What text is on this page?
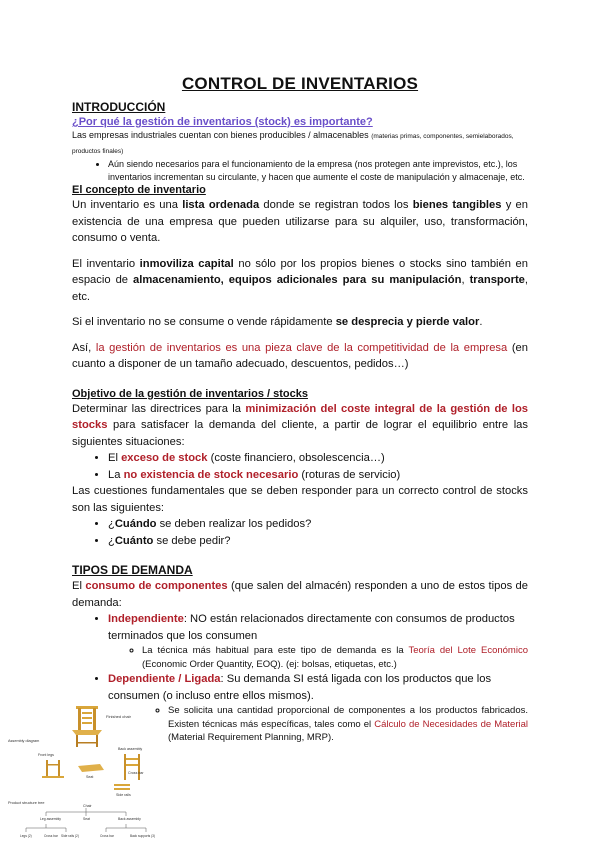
CONTROL DE INVENTARIOS

INTRODUCCIÓN

¿Por qué la gestión de inventarios (stock) es importante?

Las empresas industriales cuentan con bienes producibles / almacenables (materias primas, componentes, semielaborados, productos finales)

• Aún siendo necesarios para el funcionamiento de la empresa (nos protegen ante imprevistos, etc.), los inventarios incrementan su circulante, y hacen que aumente el coste de manipulación y almacenaje, etc.

El concepto de inventario

Un inventario es una lista ordenada donde se registran todos los bienes tangibles y en existencia de una empresa que pueden utilizarse para su alquiler, uso, transformación, consumo o venta.

El inventario inmoviliza capital no sólo por los propios bienes o stocks sino también en espacio de almacenamiento, equipos adicionales para su manipulación, transporte, etc.

Si el inventario no se consume o vende rápidamente se desprecia y pierde valor.

Así, la gestión de inventarios es una pieza clave de la competitividad de la empresa (en cuanto a disponer de un tamaño adecuado, descuentos, pedidos…)

Objetivo de la gestión de inventarios / stocks

Determinar las directrices para la minimización del coste integral de la gestión de los stocks para satisfacer la demanda del cliente, a partir de lograr el equilibrio entre las siguientes situaciones:

• El exceso de stock (coste financiero, obsolescencia…)
• La no existencia de stock necesario (roturas de servicio)

Las cuestiones fundamentales que se deben responder para un correcto control de stocks son las siguientes:

• ¿Cuándo se deben realizar los pedidos?
• ¿Cuánto se debe pedir?

TIPOS DE DEMANDA

El consumo de componentes (que salen del almacén) responden a uno de estos tipos de demanda:

• Independiente: NO están relacionados directamente con consumos de productos terminados que los consumen
◦ La técnica más habitual para este tipo de demanda es la Teoría del Lote Económico (Economic Order Quantity, EOQ). (ej: bolsas, etiquetas, etc.)
• Dependiente / Ligada: Su demanda SI está ligada con los productos que los consumen (o incluso entre ellos mismos).
◦ Se solicita una cantidad proporcional de componentes a los productos fabricados. Existen técnicas más específicas, tales como el Cálculo de Necesidades de Material (Material Requirement Planning, MRP).
Finished chair
Assembly diagram
Front legs
Back assembly
Cross bar
Seat
Side rails
Product structure tree
Chair
Leg assembly	Seat	Back assembly
Legs (2)	Cross bar Side rails (2)	Cross bar	Back supports (3)
